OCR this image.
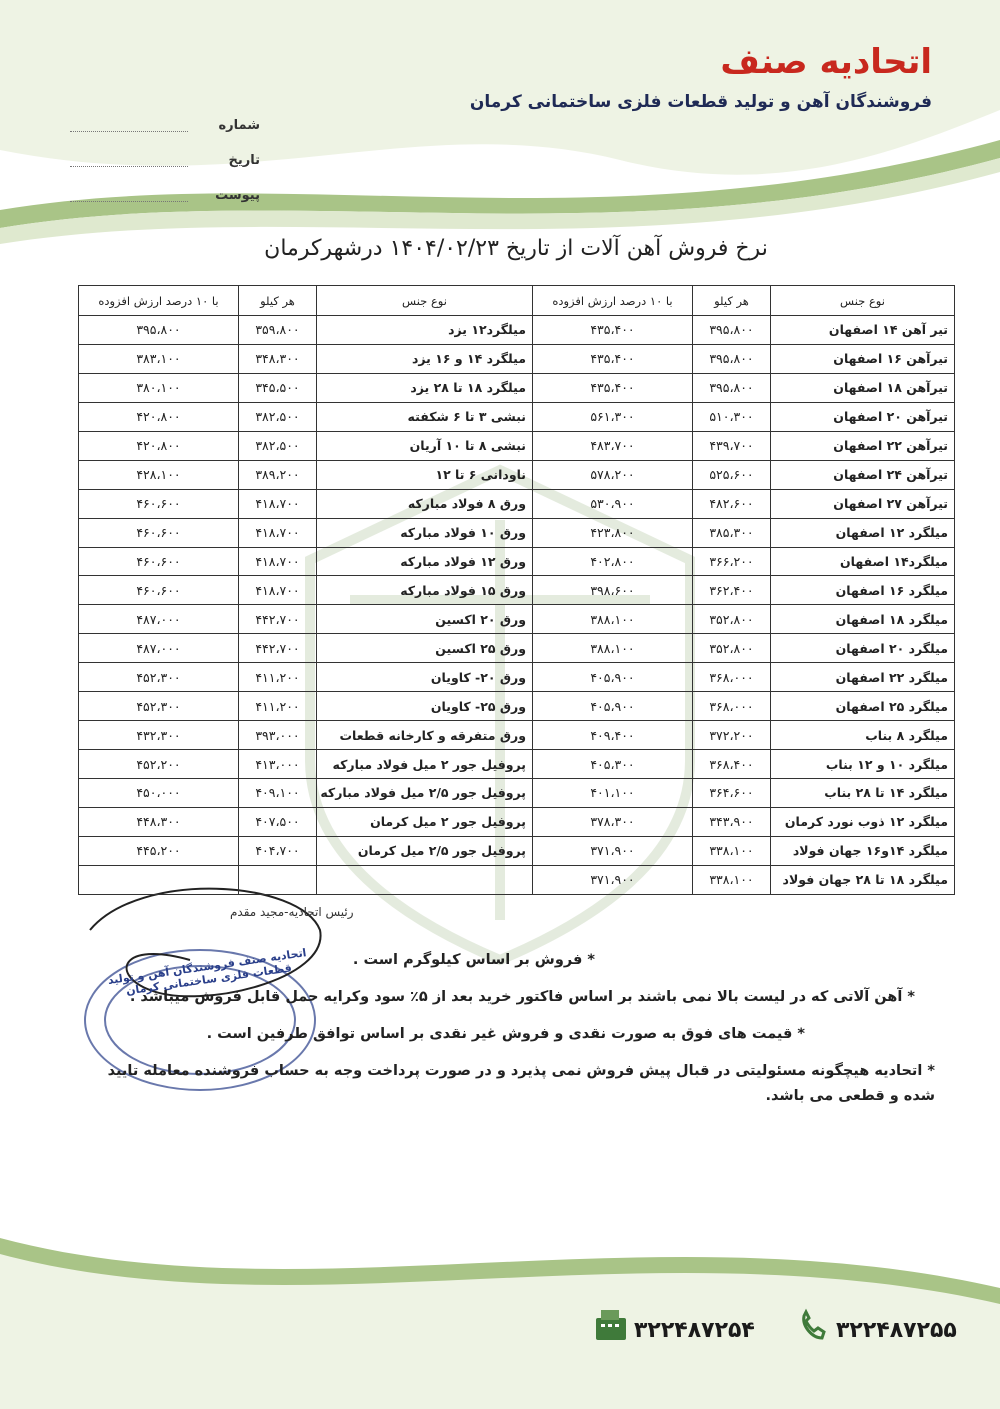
اتحادیه صنف
فروشندگان آهن و تولید قطعات فلزی ساختمانی کرمان
شماره
تاریخ
پیوست
نرخ فروش آهن آلات از تاریخ ۱۴۰۴/۰۲/۲۳ درشهرکرمان
نوع جنس	هر کیلو	با ۱۰ درصد ارزش افزوده	نوع جنس	هر کیلو	با ۱۰ درصد ارزش افزوده
تیر آهن ۱۴ اصفهان	۳۹۵،۸۰۰	۴۳۵،۴۰۰	میلگرد۱۲ یزد	۳۵۹،۸۰۰	۳۹۵،۸۰۰
تیرآهن ۱۶ اصفهان	۳۹۵،۸۰۰	۴۳۵،۴۰۰	میلگرد ۱۴ و ۱۶ یزد	۳۴۸،۳۰۰	۳۸۳،۱۰۰
تیرآهن ۱۸ اصفهان	۳۹۵،۸۰۰	۴۳۵،۴۰۰	میلگرد ۱۸ تا ۲۸ یزد	۳۴۵،۵۰۰	۳۸۰،۱۰۰
تیرآهن ۲۰ اصفهان	۵۱۰،۳۰۰	۵۶۱،۳۰۰	نبشی ۳ تا ۶ شکفته	۳۸۲،۵۰۰	۴۲۰،۸۰۰
تیرآهن ۲۲ اصفهان	۴۳۹،۷۰۰	۴۸۳،۷۰۰	نبشی ۸ تا ۱۰ آریان	۳۸۲،۵۰۰	۴۲۰،۸۰۰
تیرآهن ۲۴ اصفهان	۵۲۵،۶۰۰	۵۷۸،۲۰۰	ناودانی ۶ تا ۱۲	۳۸۹،۲۰۰	۴۲۸،۱۰۰
تیرآهن ۲۷ اصفهان	۴۸۲،۶۰۰	۵۳۰،۹۰۰	ورق ۸ فولاد مبارکه	۴۱۸،۷۰۰	۴۶۰،۶۰۰
میلگرد ۱۲ اصفهان	۳۸۵،۳۰۰	۴۲۳،۸۰۰	ورق ۱۰ فولاد مبارکه	۴۱۸،۷۰۰	۴۶۰،۶۰۰
میلگرد۱۴ اصفهان	۳۶۶،۲۰۰	۴۰۲،۸۰۰	ورق ۱۲ فولاد مبارکه	۴۱۸،۷۰۰	۴۶۰،۶۰۰
میلگرد ۱۶ اصفهان	۳۶۲،۴۰۰	۳۹۸،۶۰۰	ورق ۱۵ فولاد مبارکه	۴۱۸،۷۰۰	۴۶۰،۶۰۰
میلگرد ۱۸ اصفهان	۳۵۲،۸۰۰	۳۸۸،۱۰۰	ورق ۲۰ اکسین	۴۴۲،۷۰۰	۴۸۷،۰۰۰
میلگرد ۲۰ اصفهان	۳۵۲،۸۰۰	۳۸۸،۱۰۰	ورق ۲۵ اکسین	۴۴۲،۷۰۰	۴۸۷،۰۰۰
میلگرد ۲۲ اصفهان	۳۶۸،۰۰۰	۴۰۵،۹۰۰	ورق ۲۰- کاویان	۴۱۱،۲۰۰	۴۵۲،۳۰۰
میلگرد ۲۵ اصفهان	۳۶۸،۰۰۰	۴۰۵،۹۰۰	ورق ۲۵- کاویان	۴۱۱،۲۰۰	۴۵۲،۳۰۰
میلگرد ۸ بناب	۳۷۲،۲۰۰	۴۰۹،۴۰۰	ورق متفرقه و کارخانه قطعات	۳۹۳،۰۰۰	۴۳۲،۳۰۰
میلگرد ۱۰ و ۱۲ بناب	۳۶۸،۴۰۰	۴۰۵،۳۰۰	پروفیل جور ۲ میل فولاد مبارکه	۴۱۳،۰۰۰	۴۵۲،۲۰۰
میلگرد ۱۴ تا ۲۸ بناب	۳۶۴،۶۰۰	۴۰۱،۱۰۰	پروفیل جور ۲/۵ میل فولاد مبارکه	۴۰۹،۱۰۰	۴۵۰،۰۰۰
میلگرد ۱۲ ذوب نورد کرمان	۳۴۳،۹۰۰	۳۷۸،۳۰۰	پروفیل جور ۲ میل کرمان	۴۰۷،۵۰۰	۴۴۸،۳۰۰
میلگرد ۱۴و۱۶ جهان فولاد	۳۳۸،۱۰۰	۳۷۱،۹۰۰	پروفیل جور ۲/۵ میل کرمان	۴۰۴،۷۰۰	۴۴۵،۲۰۰
میلگرد ۱۸ تا ۲۸ جهان فولاد	۳۳۸،۱۰۰	۳۷۱،۹۰۰			
رئیس اتحادیه-مجید مقدم
اتحادیه صنف فروشندگان آهن و تولید قطعات فلزی ساختمانی کرمان
* فروش بر اساس کیلوگرم است .
* آهن آلاتی که در لیست بالا نمی باشند بر اساس فاکتور خرید بعد از ۵٪ سود وکرایه حمل قابل فروش میباشد .
* قیمت های فوق به صورت نقدی و فروش غیر نقدی بر اساس توافق طرفین است .
* اتحادیه هیچگونه مسئولیتی در قبال پیش فروش نمی پذیرد و در صورت پرداخت وجه به حساب فروشنده معامله تایید شده و قطعی می باشد.
۳۲۲۴۸۷۲۵۴	۳۲۲۴۸۷۲۵۵
